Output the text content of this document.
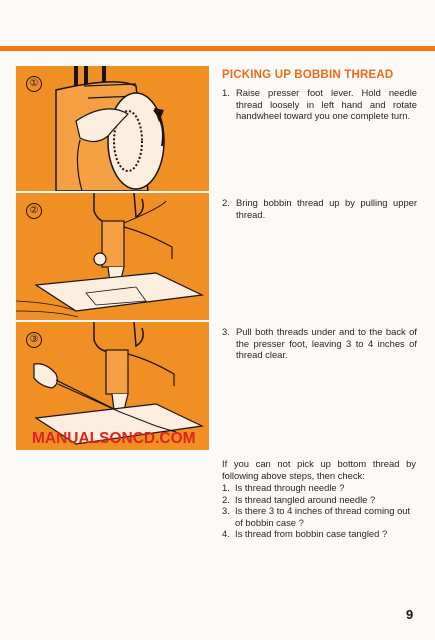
①
②
③
MANUALSONCD.COM
PICKING UP BOBBIN THREAD
1. Raise presser foot lever. Hold needle thread loosely in left hand and rotate handwheel toward you one complete turn.
2. Bring bobbin thread up by pulling upper thread.
3. Pull both threads under and to the back of the presser foot, leaving 3 to 4 inches of thread clear.
If you can not pick up bottom thread by following above steps, then check:
1. Is thread through needle ?
2. Is thread tangled around needle ?
3. Is there 3 to 4 inches of thread coming out of bobbin case ?
4. Is thread from bobbin case tangled ?
9
